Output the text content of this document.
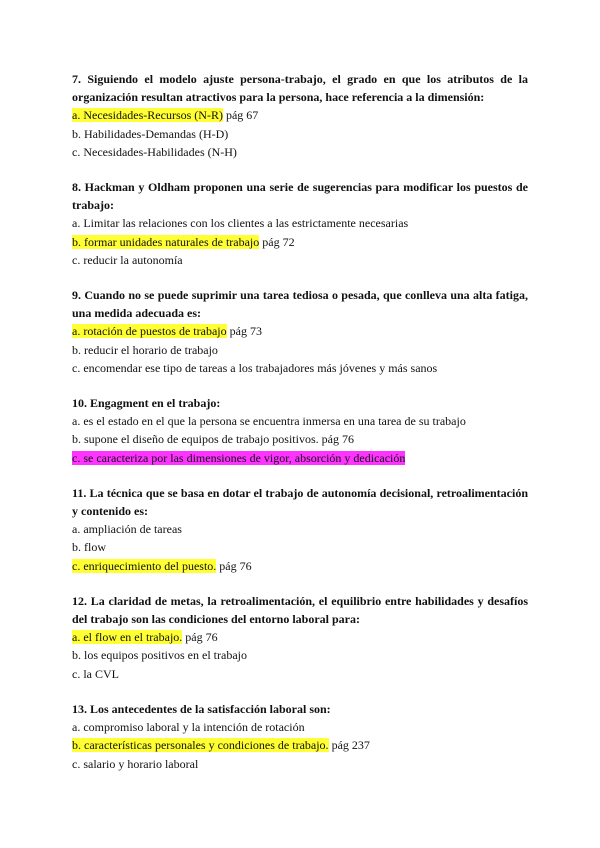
7. Siguiendo el modelo ajuste persona-trabajo, el grado en que los atributos de la organización resultan atractivos para la persona, hace referencia a la dimensión:

a. Necesidades-Recursos (N-R) pág 67

b. Habilidades-Demandas (H-D)

c. Necesidades-Habilidades (N-H)

8. Hackman y Oldham proponen una serie de sugerencias para modificar los puestos de trabajo:

a. Limitar las relaciones con los clientes a las estrictamente necesarias

b. formar unidades naturales de trabajo pág 72

c. reducir la autonomía

9. Cuando no se puede suprimir una tarea tediosa o pesada, que conlleva una alta fatiga, una medida adecuada es:

a. rotación de puestos de trabajo pág 73

b. reducir el horario de trabajo

c. encomendar ese tipo de tareas a los trabajadores más jóvenes y más sanos

10. Engagment en el trabajo:

a. es el estado en el que la persona se encuentra inmersa en una tarea de su trabajo

b. supone el diseño de equipos de trabajo positivos. pág 76

c. se caracteriza por las dimensiones de vigor, absorción y dedicación

11. La técnica que se basa en dotar el trabajo de autonomía decisional, retroalimentación y contenido es:

a. ampliación de tareas

b. flow

c. enriquecimiento del puesto. pág 76

12. La claridad de metas, la retroalimentación, el equilibrio entre habilidades y desafíos del trabajo son las condiciones del entorno laboral para:

a. el flow en el trabajo. pág 76

b. los equipos positivos en el trabajo

c. la CVL

13. Los antecedentes de la satisfacción laboral son:

a. compromiso laboral y la intención de rotación

b. características personales y condiciones de trabajo. pág 237

c. salario y horario laboral
